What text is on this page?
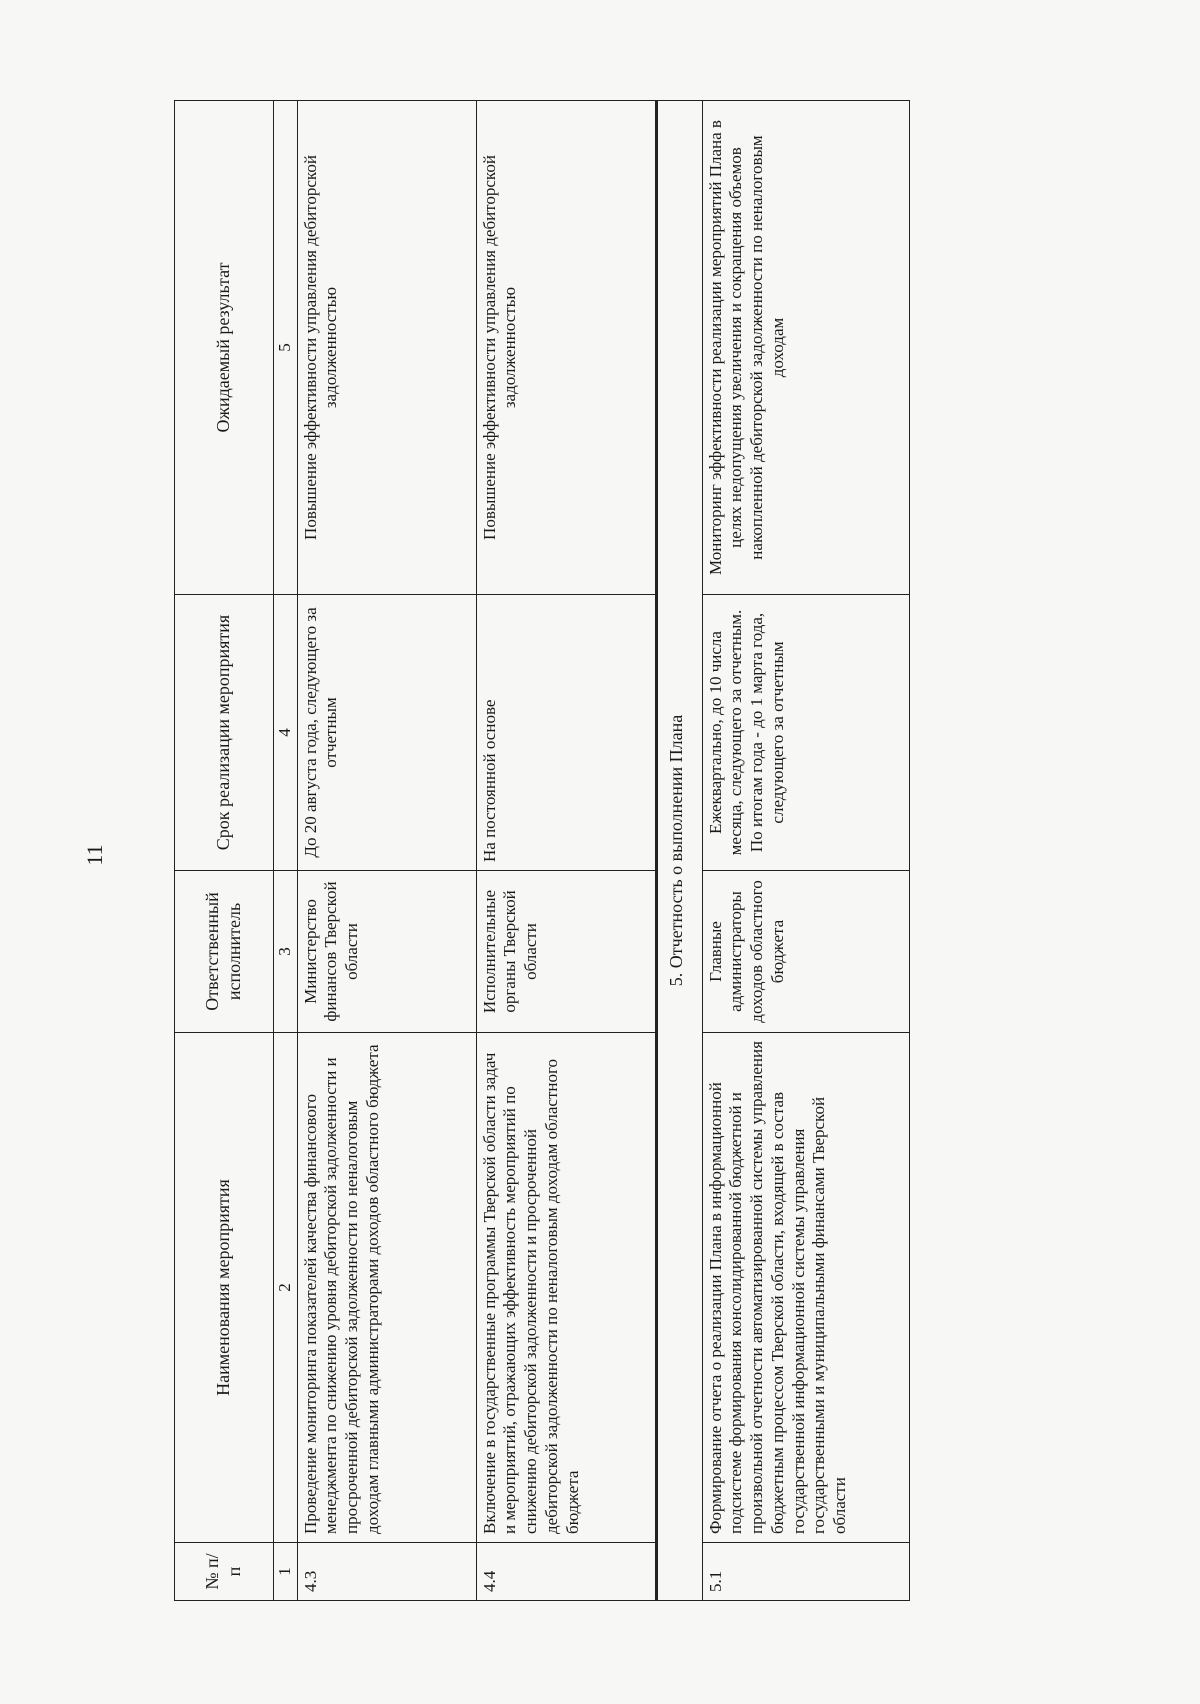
11
№ п/п	Наименования мероприятия	Ответственный исполнитель	Срок реализации мероприятия	Ожидаемый результат
1	2	3	4	5
4.3	Проведение мониторинга показателей качества финансового менеджмента по снижению уровня дебиторской задолженности и просроченной дебиторской задолженности по неналоговым доходам главными администраторами доходов областного бюджета	Министерство финансов Тверской области	До 20 августа года, следующего за отчетным	Повышение эффективности управления дебиторской задолженностью
4.4	Включение в государственные программы Тверской области задач и мероприятий, отражающих эффективность мероприятий по снижению дебиторской задолженности и просроченной дебиторской задолженности по неналоговым доходам областного бюджета	Исполнительные органы Тверской области	На постоянной основе	Повышение эффективности управления дебиторской задолженностью
5. Отчетность о выполнении Плана				
5.1	Формирование отчета о реализации Плана в информационной подсистеме формирования консолидированной бюджетной и произвольной отчетности автоматизированной системы управления бюджетным процессом Тверской области, входящей в состав государственной информационной системы управления государственными и муниципальными финансами Тверской области	Главные администраторы доходов областного бюджета	Ежеквартально, до 10 числа месяца, следующего за отчетным. По итогам года - до 1 марта года, следующего за отчетным	Мониторинг эффективности реализации мероприятий Плана в целях недопущения увеличения и сокращения объемов накопленной дебиторской задолженности по неналоговым доходам
